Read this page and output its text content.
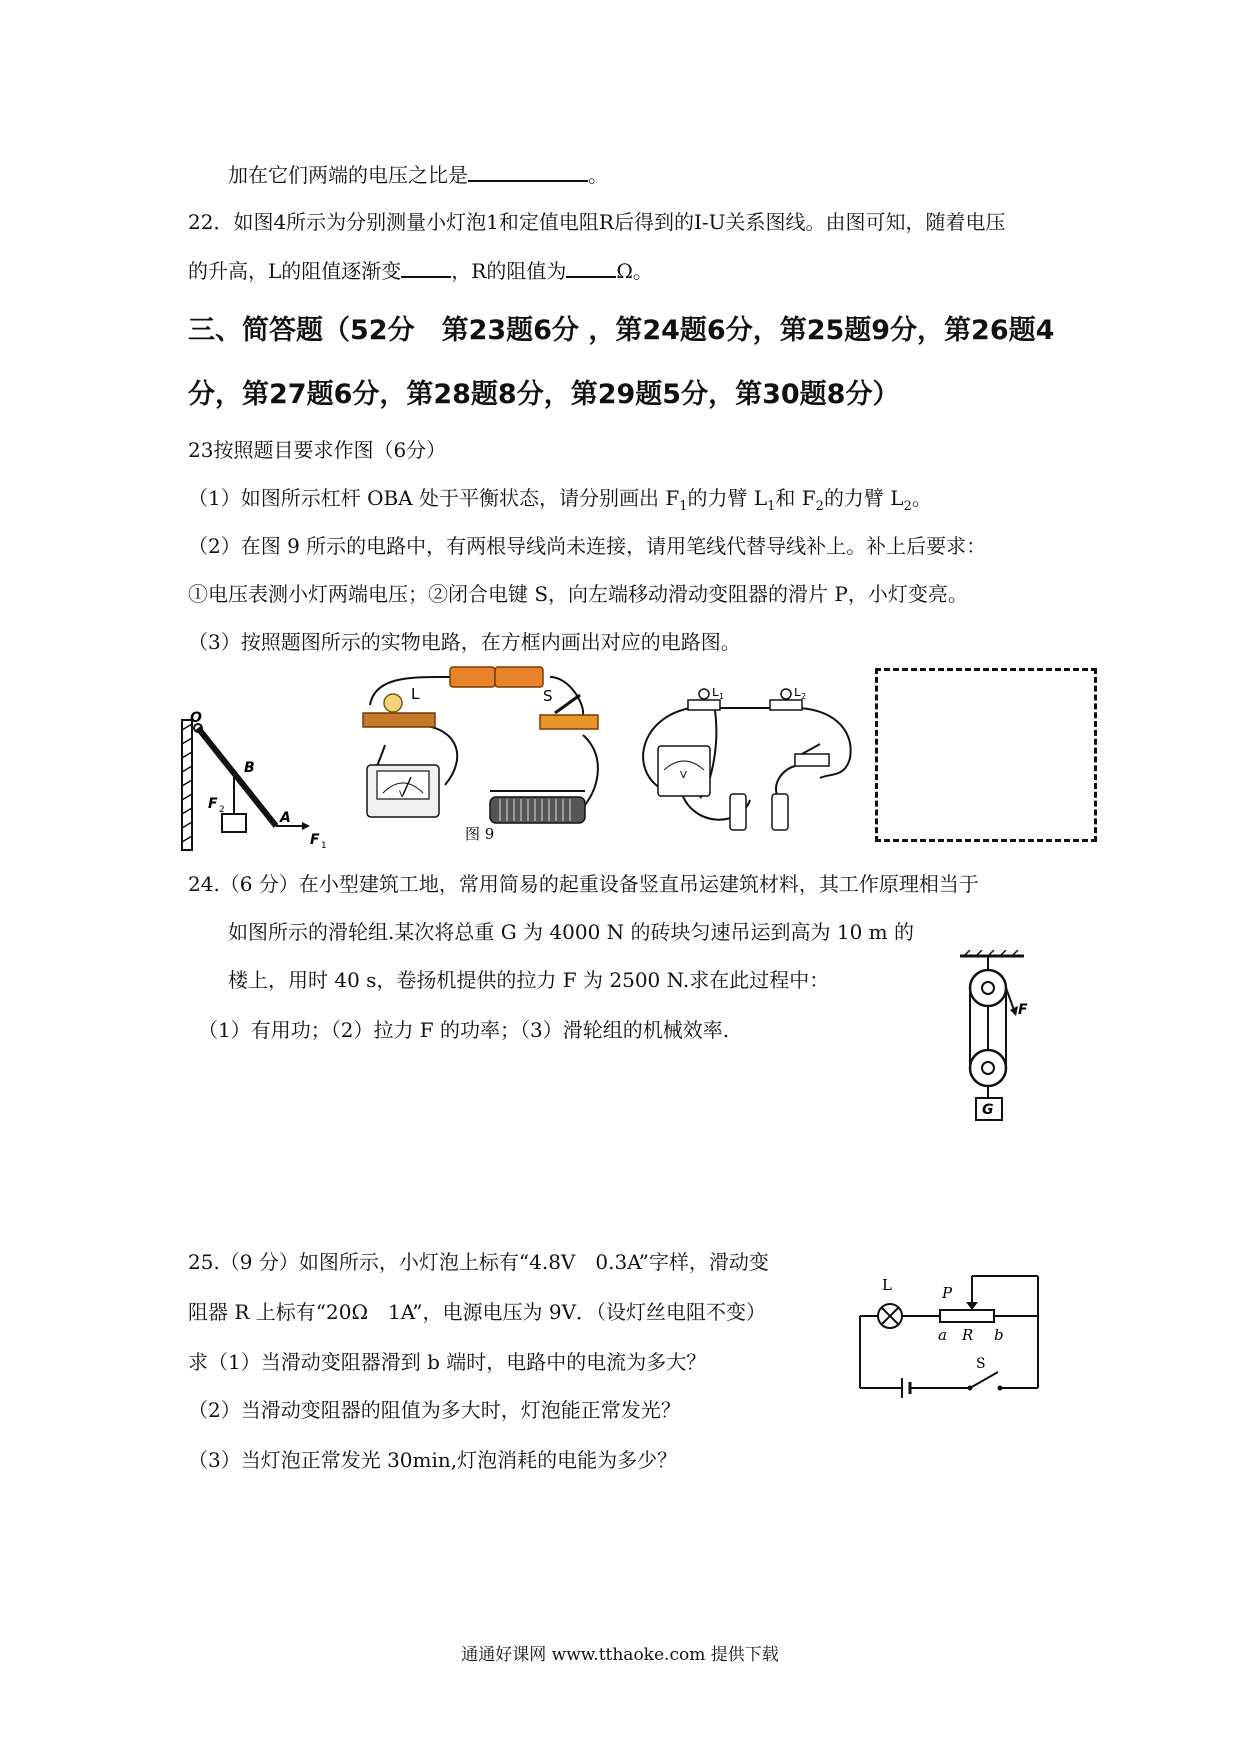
加在它们两端的电压之比是	。
22．如图4所示为分别测量小灯泡1和定值电阻R后得到的I-U关系图线。由图可知，随着电压
的升高，L的阻值逐渐变	，R的阻值为	Ω。
三、简答题（52分　第23题6分 ，第24题6分，第25题9分，第26题4
分，第27题6分，第28题8分，第29题5分，第30题8分）
23按照题目要求作图（6分）
（1）如图所示杠杆 OBA 处于平衡状态，请分别画出 $F_1$的力臂 $L_1$和 $F_2$的力臂 $L_2$。
（2）在图 9 所示的电路中，有两根导线尚未连接，请用笔线代替导线补上。补上后要求：
①电压表测小灯两端电压；②闭合电键 S，向左端移动滑动变阻器的滑片 P，小灯变亮。
（3）按照题图所示的实物电路，在方框内画出对应的电路图。
O
B
A
F 1
F 2
L	S
V
图 9
L 1	L 2
V
24.（6 分）在小型建筑工地，常用简易的起重设备竖直吊运建筑材料，其工作原理相当于
如图所示的滑轮组.某次将总重 G 为 4000 N 的砖块匀速吊运到高为 10 m 的
楼上，用时 40 s，卷扬机提供的拉力 F 为 2500 N.求在此过程中：
（1）有用功；（2）拉力 F 的功率；（3）滑轮组的机械效率.
F
G
25.（9 分）如图所示，小灯泡上标有“4.8V　0.3A”字样，滑动变
阻器 R 上标有“20Ω　1A”，电源电压为 9V．（设灯丝电阻不变）
求（1）当滑动变阻器滑到 b 端时，电路中的电流为多大？
（2）当滑动变阻器的阻值为多大时，灯泡能正常发光？
（3）当灯泡正常发光 30min,灯泡消耗的电能为多少？
L	P
a R b
S
通通好课网 www.tthaoke.com 提供下载
